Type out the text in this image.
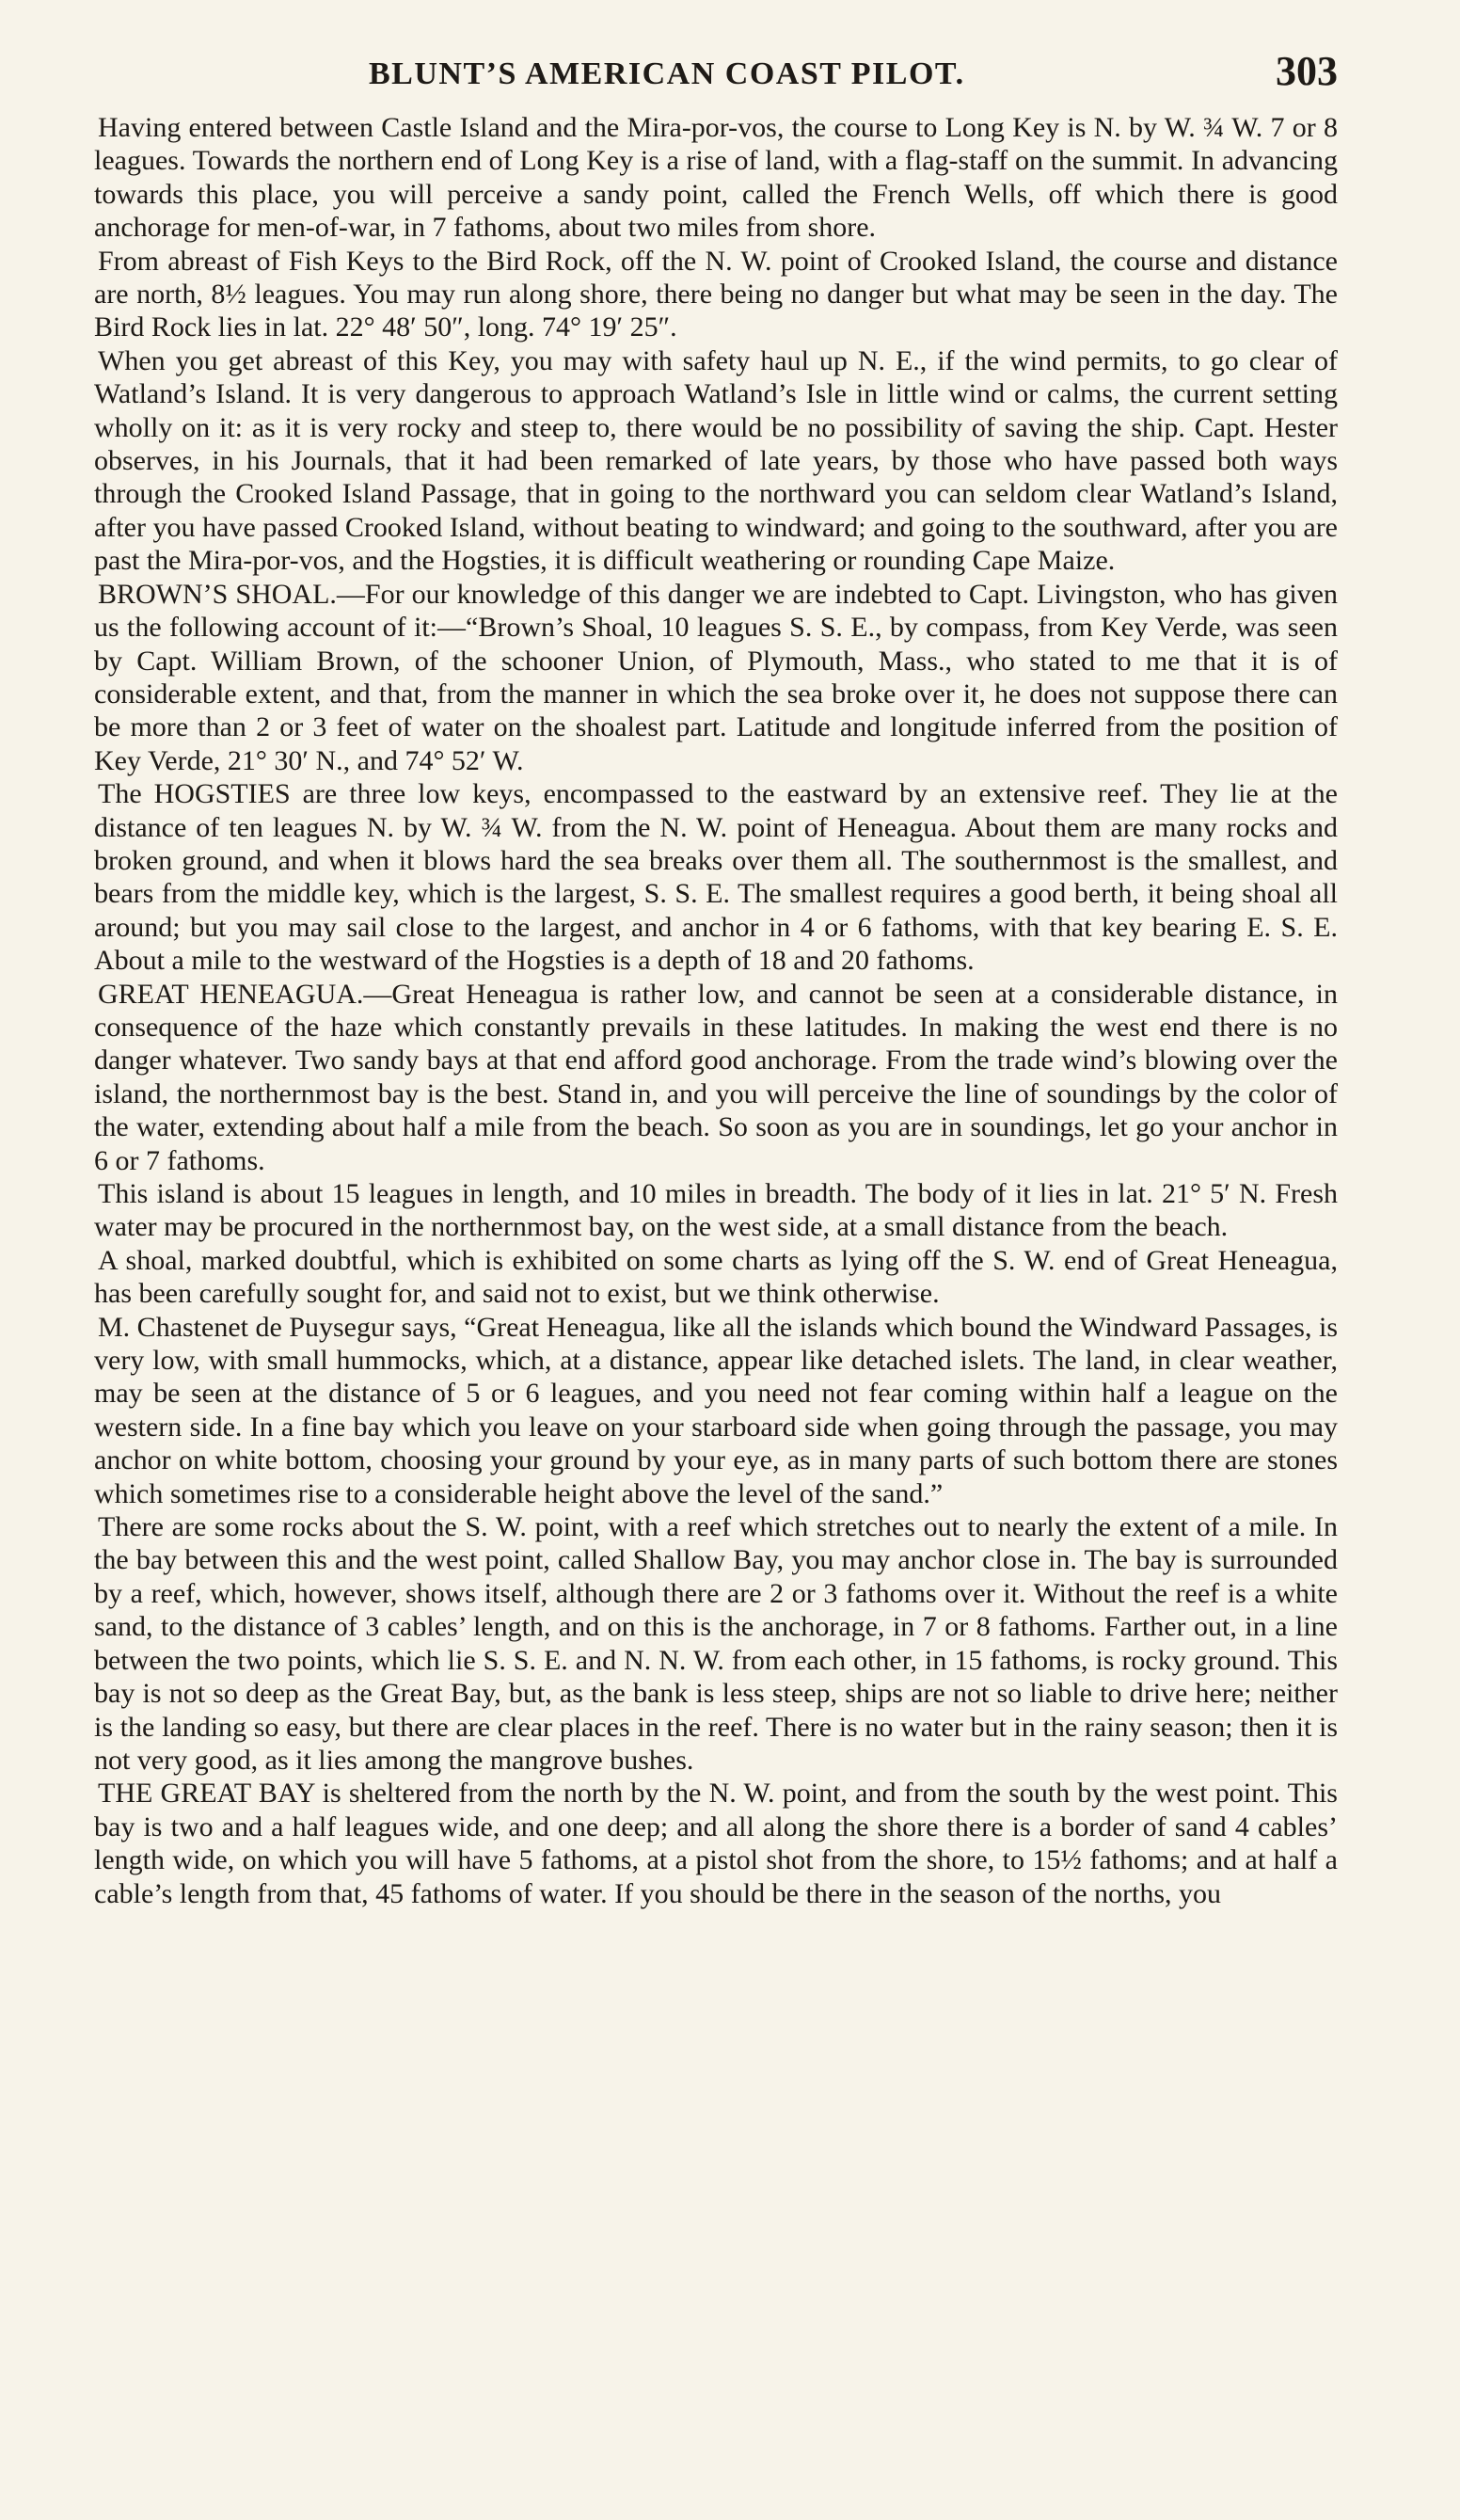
BLUNT’S AMERICAN COAST PILOT.	303

Having entered between Castle Island and the Mira-por-vos, the course to Long Key is N. by W. ¾ W. 7 or 8 leagues. Towards the northern end of Long Key is a rise of land, with a flag-staff on the summit. In advancing towards this place, you will perceive a sandy point, called the French Wells, off which there is good anchorage for men-of-war, in 7 fathoms, about two miles from shore.

From abreast of Fish Keys to the Bird Rock, off the N. W. point of Crooked Island, the course and distance are north, 8½ leagues. You may run along shore, there being no danger but what may be seen in the day. The Bird Rock lies in lat. 22° 48′ 50″, long. 74° 19′ 25″.

When you get abreast of this Key, you may with safety haul up N. E., if the wind permits, to go clear of Watland’s Island. It is very dangerous to approach Watland’s Isle in little wind or calms, the current setting wholly on it: as it is very rocky and steep to, there would be no possibility of saving the ship. Capt. Hester observes, in his Journals, that it had been remarked of late years, by those who have passed both ways through the Crooked Island Passage, that in going to the northward you can seldom clear Watland’s Island, after you have passed Crooked Island, without beating to windward; and going to the southward, after you are past the Mira-por-vos, and the Hogsties, it is difficult weathering or rounding Cape Maize.

BROWN’S SHOAL.—For our knowledge of this danger we are indebted to Capt. Livingston, who has given us the following account of it:—“Brown’s Shoal, 10 leagues S. S. E., by compass, from Key Verde, was seen by Capt. William Brown, of the schooner Union, of Plymouth, Mass., who stated to me that it is of considerable extent, and that, from the manner in which the sea broke over it, he does not suppose there can be more than 2 or 3 feet of water on the shoalest part. Latitude and longitude inferred from the position of Key Verde, 21° 30′ N., and 74° 52′ W.

The HOGSTIES are three low keys, encompassed to the eastward by an extensive reef. They lie at the distance of ten leagues N. by W. ¾ W. from the N. W. point of Heneagua. About them are many rocks and broken ground, and when it blows hard the sea breaks over them all. The southernmost is the smallest, and bears from the middle key, which is the largest, S. S. E. The smallest requires a good berth, it being shoal all around; but you may sail close to the largest, and anchor in 4 or 6 fathoms, with that key bearing E. S. E. About a mile to the westward of the Hogsties is a depth of 18 and 20 fathoms.

GREAT HENEAGUA.—Great Heneagua is rather low, and cannot be seen at a considerable distance, in consequence of the haze which constantly prevails in these latitudes. In making the west end there is no danger whatever. Two sandy bays at that end afford good anchorage. From the trade wind’s blowing over the island, the northernmost bay is the best. Stand in, and you will perceive the line of soundings by the color of the water, extending about half a mile from the beach. So soon as you are in soundings, let go your anchor in 6 or 7 fathoms.

This island is about 15 leagues in length, and 10 miles in breadth. The body of it lies in lat. 21° 5′ N. Fresh water may be procured in the northernmost bay, on the west side, at a small distance from the beach.

A shoal, marked doubtful, which is exhibited on some charts as lying off the S. W. end of Great Heneagua, has been carefully sought for, and said not to exist, but we think otherwise.

M. Chastenet de Puysegur says, “Great Heneagua, like all the islands which bound the Windward Passages, is very low, with small hummocks, which, at a distance, appear like detached islets. The land, in clear weather, may be seen at the distance of 5 or 6 leagues, and you need not fear coming within half a league on the western side. In a fine bay which you leave on your starboard side when going through the passage, you may anchor on white bottom, choosing your ground by your eye, as in many parts of such bottom there are stones which sometimes rise to a considerable height above the level of the sand.”

There are some rocks about the S. W. point, with a reef which stretches out to nearly the extent of a mile. In the bay between this and the west point, called Shallow Bay, you may anchor close in. The bay is surrounded by a reef, which, however, shows itself, although there are 2 or 3 fathoms over it. Without the reef is a white sand, to the distance of 3 cables’ length, and on this is the anchorage, in 7 or 8 fathoms. Farther out, in a line between the two points, which lie S. S. E. and N. N. W. from each other, in 15 fathoms, is rocky ground. This bay is not so deep as the Great Bay, but, as the bank is less steep, ships are not so liable to drive here; neither is the landing so easy, but there are clear places in the reef. There is no water but in the rainy season; then it is not very good, as it lies among the mangrove bushes.

THE GREAT BAY is sheltered from the north by the N. W. point, and from the south by the west point. This bay is two and a half leagues wide, and one deep; and all along the shore there is a border of sand 4 cables’ length wide, on which you will have 5 fathoms, at a pistol shot from the shore, to 15½ fathoms; and at half a cable’s length from that, 45 fathoms of water. If you should be there in the season of the norths, you
